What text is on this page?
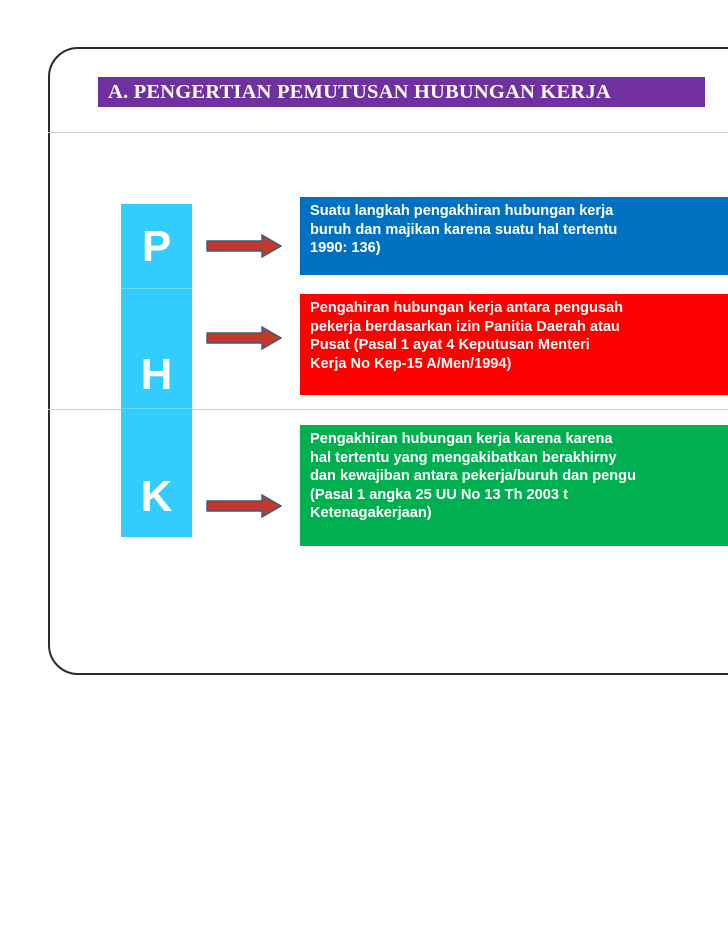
A. PENGERTIAN PEMUTUSAN HUBUNGAN KERJA
P
H
K
Suatu langkah pengakhiran hubungan kerja
buruh dan majikan karena suatu hal tertentu
1990: 136)
Pengahiran hubungan kerja antara pengusah
pekerja berdasarkan izin Panitia Daerah atau
Pusat (Pasal 1 ayat 4 Keputusan Menteri
Kerja No Kep-15 A/Men/1994)
Pengakhiran hubungan kerja karena karena
hal tertentu yang mengakibatkan berakhirny
dan kewajiban antara pekerja/buruh dan pengu
(Pasal 1 angka 25 UU No 13 Th 2003 t
Ketenagakerjaan)
